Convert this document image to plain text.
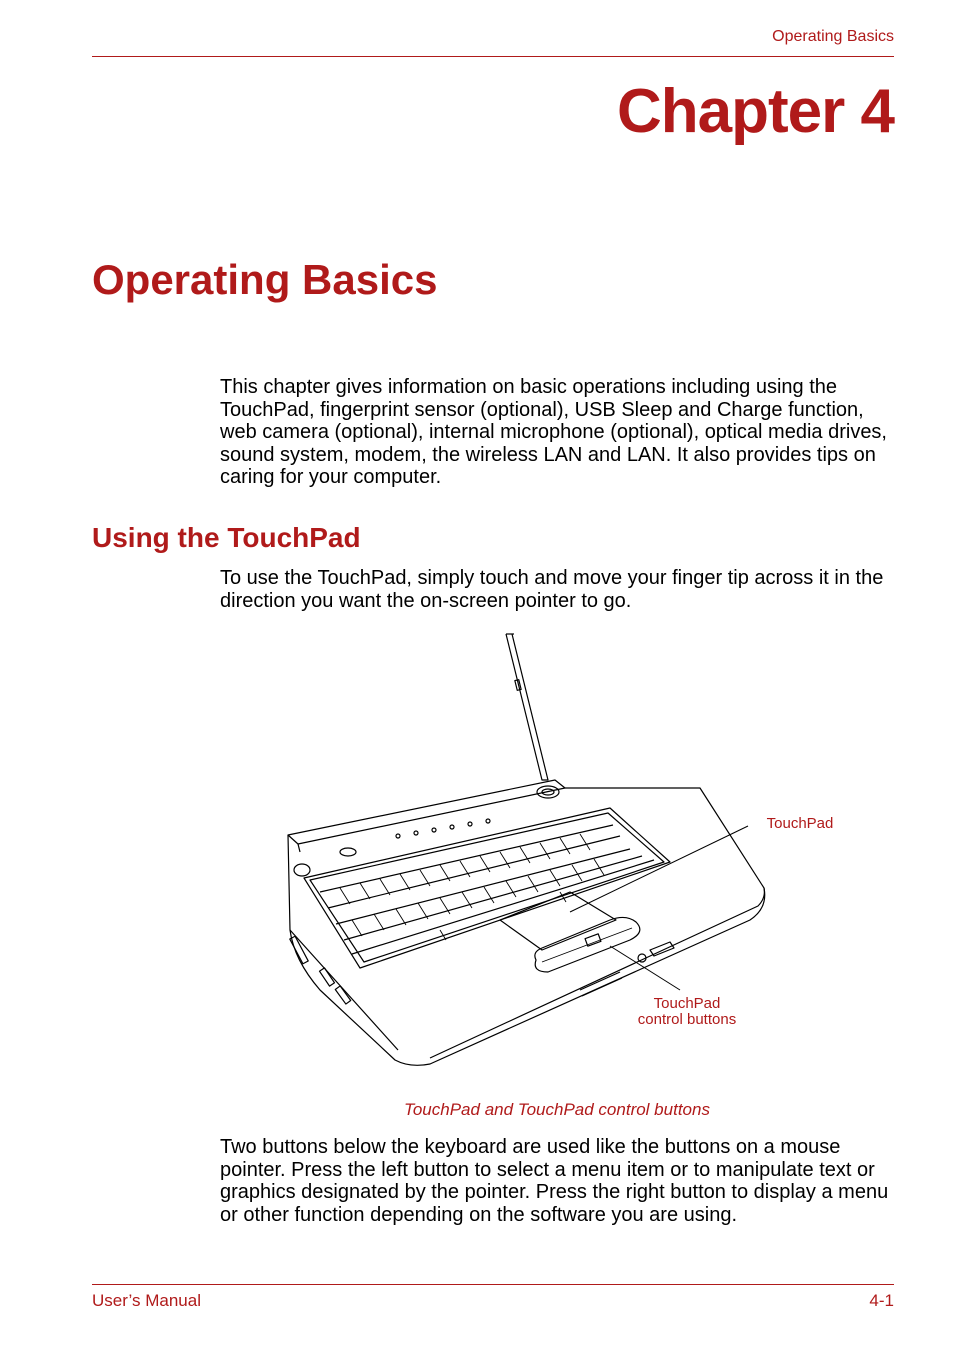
Operating Basics
Chapter 4
Operating Basics

This chapter gives information on basic operations including using the TouchPad, fingerprint sensor (optional), USB Sleep and Charge function, web camera (optional), internal microphone (optional), optical media drives, sound system, modem, the wireless LAN and LAN. It also provides tips on caring for your computer.

Using the TouchPad

To use the TouchPad, simply touch and move your finger tip across it in the direction you want the on-screen pointer to go.

TouchPad
TouchPad
control buttons
TouchPad and TouchPad control buttons

Two buttons below the keyboard are used like the buttons on a mouse pointer. Press the left button to select a menu item or to manipulate text or graphics designated by the pointer. Press the right button to display a menu or other function depending on the software you are using.

User’s Manual	4-1
